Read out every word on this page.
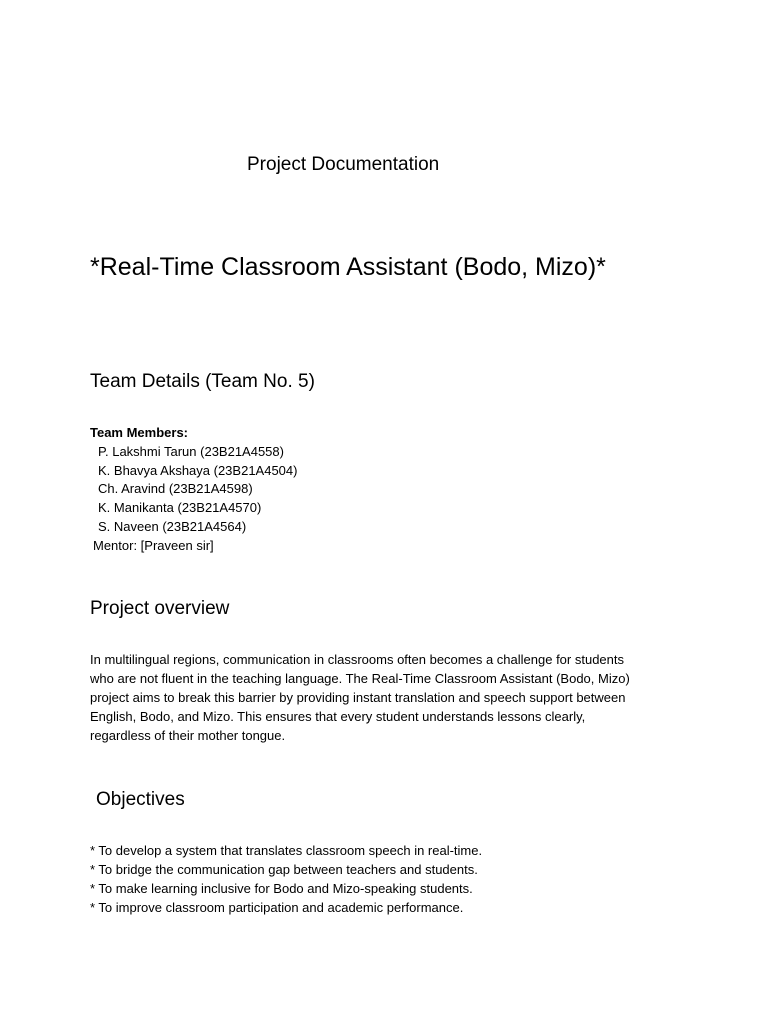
Project Documentation
*Real-Time Classroom Assistant (Bodo, Mizo)*
Team Details (Team No. 5)
Team Members:
P. Lakshmi Tarun (23B21A4558)
K. Bhavya Akshaya (23B21A4504)
Ch. Aravind (23B21A4598)
K. Manikanta (23B21A4570)
S. Naveen (23B21A4564)
Mentor: [Praveen sir]
Project overview

In multilingual regions, communication in classrooms often becomes a challenge for students
who are not fluent in the teaching language. The Real-Time Classroom Assistant (Bodo, Mizo)
project aims to break this barrier by providing instant translation and speech support between
English, Bodo, and Mizo. This ensures that every student understands lessons clearly,
regardless of their mother tongue.

Objectives
* To develop a system that translates classroom speech in real-time.
* To bridge the communication gap between teachers and students.
* To make learning inclusive for Bodo and Mizo-speaking students.
* To improve classroom participation and academic performance.
